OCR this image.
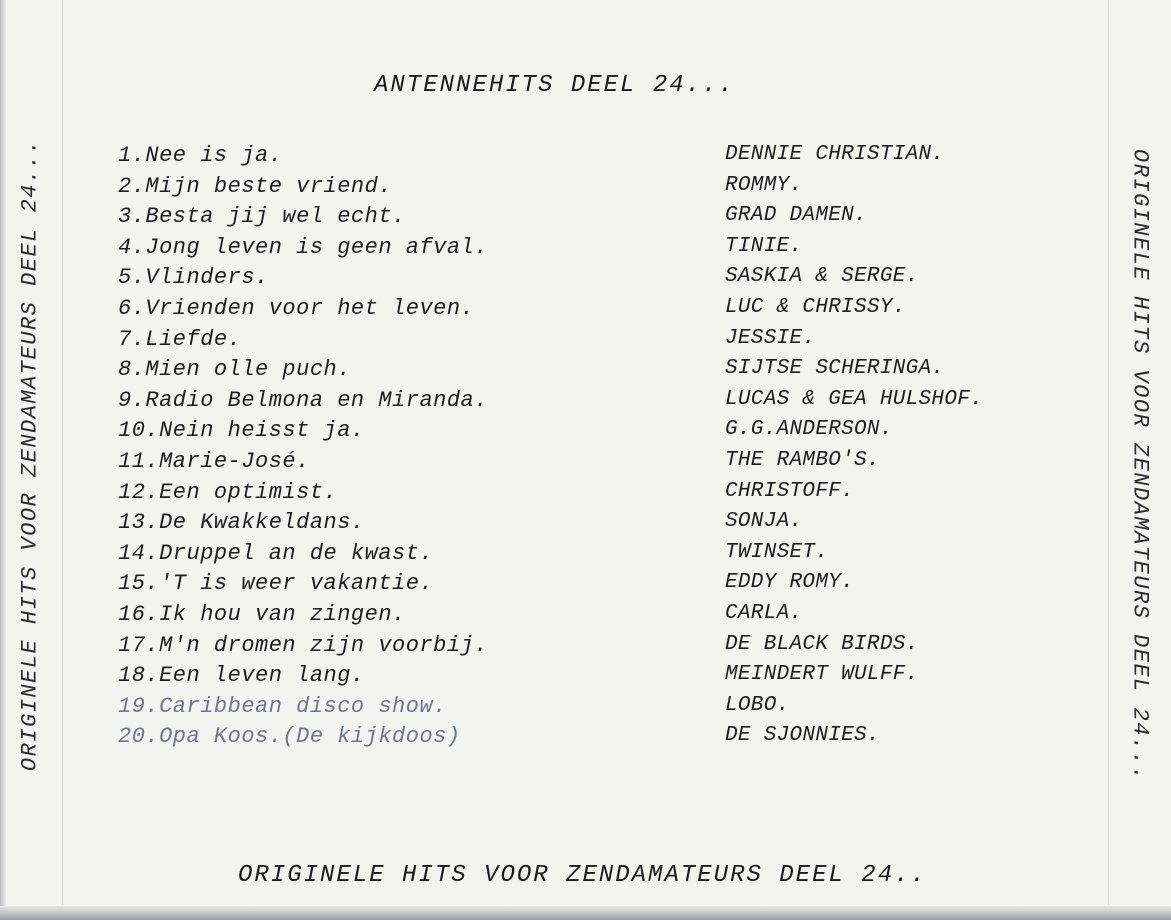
ORIGINELE HITS VOOR ZENDAMATEURS DEEL 24...	ORIGINELE HITS VOOR ZENDAMATEURS DEEL 24...
ANTENNEHITS DEEL 24...
1.Nee is ja.	DENNIE CHRISTIAN.
2.Mijn beste vriend.	ROMMY.
3.Besta jij wel echt.	GRAD DAMEN.
4.Jong leven is geen afval.	TINIE.
5.Vlinders.	SASKIA & SERGE.
6.Vrienden voor het leven.	LUC & CHRISSY.
7.Liefde.	JESSIE.
8.Mien olle puch.	SIJTSE SCHERINGA.
9.Radio Belmona en Miranda.	LUCAS & GEA HULSHOF.
10.Nein heisst ja.	G.G.ANDERSON.
11.Marie-José.	THE RAMBO'S.
12.Een optimist.	CHRISTOFF.
13.De Kwakkeldans.	SONJA.
14.Druppel an de kwast.	TWINSET.
15.'T is weer vakantie.	EDDY ROMY.
16.Ik hou van zingen.	CARLA.
17.M'n dromen zijn voorbij.	DE BLACK BIRDS.
18.Een leven lang.	MEINDERT WULFF.
19.Caribbean disco show.	LOBO.
20.Opa Koos.(De kijkdoos)	DE SJONNIES.
ORIGINELE HITS VOOR ZENDAMATEURS DEEL 24..
